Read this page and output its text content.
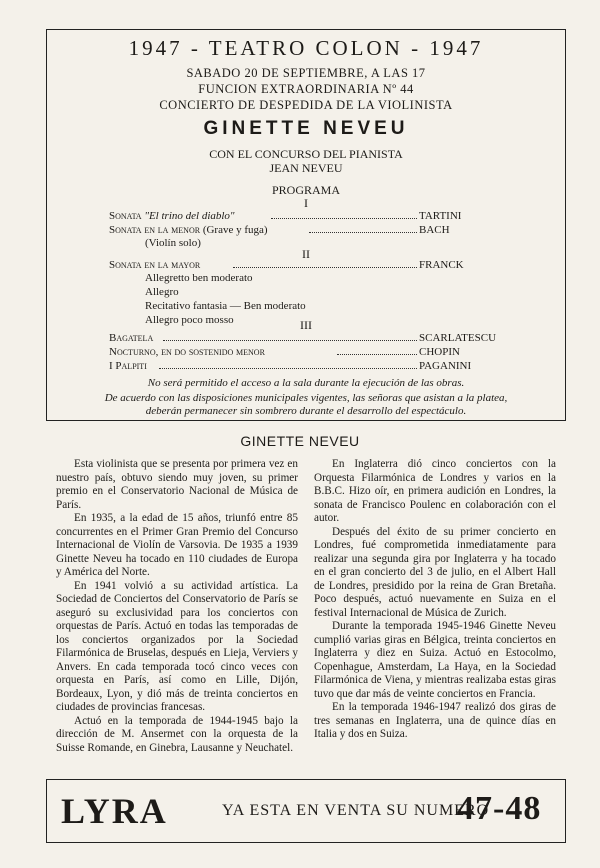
1947 - TEATRO COLON - 1947
SABADO 20 DE SEPTIEMBRE, A LAS 17
FUNCION EXTRAORDINARIA Nº 44
CONCIERTO DE DESPEDIDA DE LA VIOLINISTA
GINETTE NEVEU
CON EL CONCURSO DEL PIANISTA
JEAN NEVEU
PROGRAMA
I
Sonata "El trino del diablo"	TARTINI
Sonata en la menor (Grave y fuga)	BACH
(Violín solo)
II
Sonata en la mayor	FRANCK
Allegretto ben moderato
Allegro
Recitativo fantasia — Ben moderato
Allegro poco mosso	III
Bagatela	SCARLATESCU
Nocturno, en do sostenido menor	CHOPIN
I Palpiti	PAGANINI
No será permitido el acceso a la sala durante la ejecución de las obras.
De acuerdo con las disposiciones municipales vigentes, las señoras que asistan a la platea,
deberán permanecer sin sombrero durante el desarrollo del espectáculo.
GINETTE NEVEU

Esta violinista que se presenta por primera vez en nuestro país, obtuvo siendo muy joven, su primer premio en el Conservatorio Nacional de Música de París.

En 1935, a la edad de 15 años, triunfó entre 85 concurrentes en el Primer Gran Premio del Concurso Internacional de Violín de Varsovia. De 1935 a 1939 Ginette Neveu ha tocado en 110 ciudades de Europa y América del Norte.

En 1941 volvió a su actividad artística. La Sociedad de Conciertos del Conservatorio de París se aseguró su exclusividad para los conciertos con orquestas de París. Actuó en todas las temporadas de los conciertos organizados por la Sociedad Filarmónica de Bruselas, después en Lieja, Verviers y Anvers. En cada temporada tocó cinco veces con orquesta en París, así como en Lille, Dijón, Bordeaux, Lyon, y dió más de treinta conciertos en ciudades de provincias francesas.

Actuó en la temporada de 1944-1945 bajo la dirección de M. Ansermet con la orquesta de la Suisse Romande, en Ginebra, Lausanne y Neuchatel.

En Inglaterra dió cinco conciertos con la Orquesta Filarmónica de Londres y varios en la B.B.C. Hizo oír, en primera audición en Londres, la sonata de Francisco Poulenc en colaboración con el autor.

Después del éxito de su primer concierto en Londres, fué comprometida inmediatamente para realizar una segunda gira por Inglaterra y ha tocado en el gran concierto del 3 de julio, en el Albert Hall de Londres, presidido por la reina de Gran Bretaña. Poco después, actuó nuevamente en Suiza en el festival Internacional de Música de Zurich.

Durante la temporada 1945-1946 Ginette Neveu cumplió varias giras en Bélgica, treinta conciertos en Inglaterra y diez en Suiza. Actuó en Estocolmo, Copenhague, Amsterdam, La Haya, en la Sociedad Filarmónica de Viena, y mientras realizaba estas giras tuvo que dar más de veinte conciertos en Francia.

En la temporada 1946-1947 realizó dos giras de tres semanas en Inglaterra, una de quince días en Italia y dos en Suiza.

LYRA	YA ESTA EN VENTA SU NUMERO
47-48
